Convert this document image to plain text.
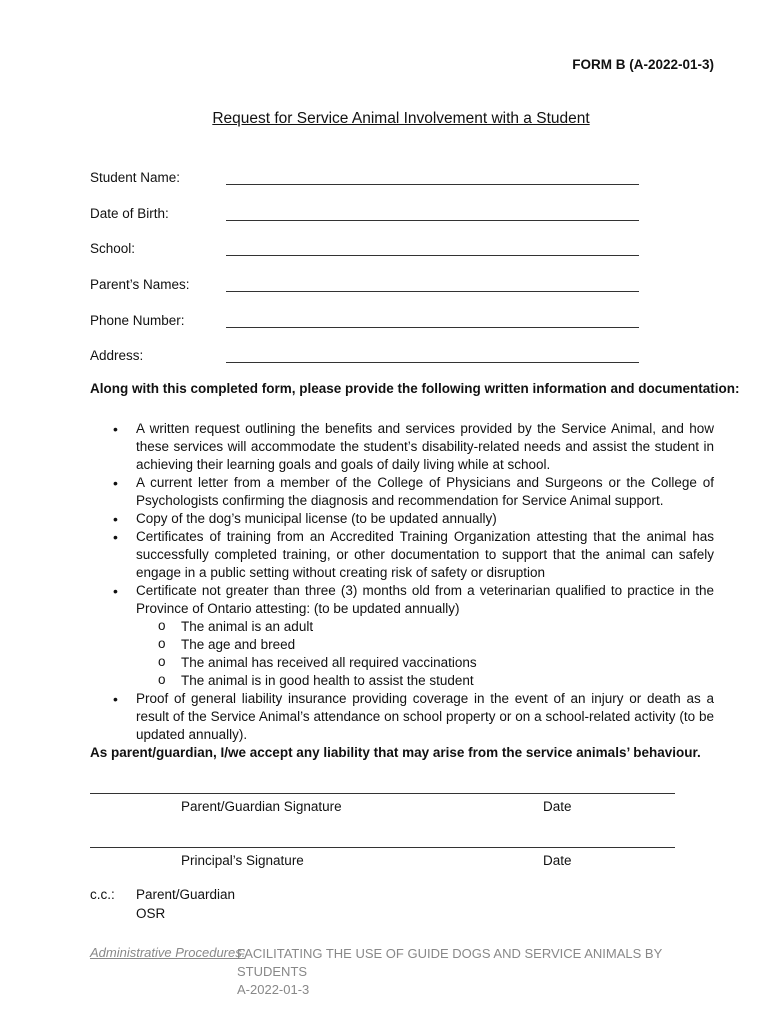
FORM B (A-2022-01-3)
Request for Service Animal Involvement with a Student
Student Name:
Date of Birth:
School:
Parent’s Names:
Phone Number:
Address:
Along with this completed form, please provide the following written information and documentation:
• A written request outlining the benefits and services provided by the Service Animal, and how these services will accommodate the student’s disability-related needs and assist the student in achieving their learning goals and goals of daily living while at school.
• A current letter from a member of the College of Physicians and Surgeons or the College of Psychologists confirming the diagnosis and recommendation for Service Animal support.
• Copy of the dog’s municipal license (to be updated annually)
• Certificates of training from an Accredited Training Organization attesting that the animal has successfully completed training, or other documentation to support that the animal can safely engage in a public setting without creating risk of safety or disruption
• Certificate not greater than three (3) months old from a veterinarian qualified to practice in the Province of Ontario attesting: (to be updated annually)
o The animal is an adult
o The age and breed
o The animal has received all required vaccinations
o The animal is in good health to assist the student
• Proof of general liability insurance providing coverage in the event of an injury or death as a result of the Service Animal’s attendance on school property or on a school-related activity (to be updated annually).
As parent/guardian, I/we accept any liability that may arise from the service animals’ behaviour.
Parent/Guardian Signature	Date
Principal’s Signature	Date
c.c.: Parent/Guardian
OSR
Administrative Procedures:
FACILITATING THE USE OF GUIDE DOGS AND SERVICE ANIMALS BY STUDENTS
A-2022-01-3
